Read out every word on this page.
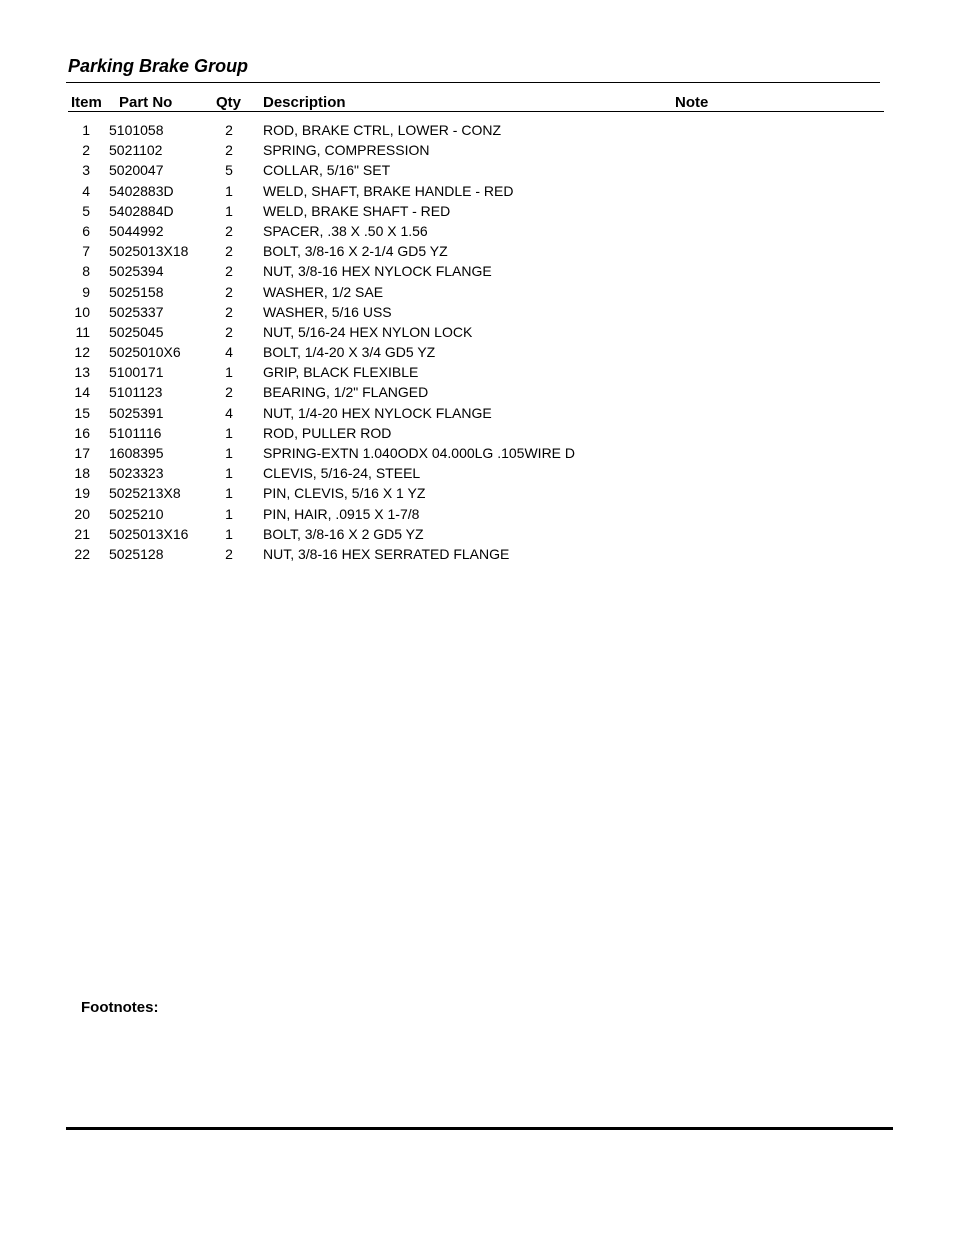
Parking Brake Group
Item Part No	Qty Description	Note
1 5101058	2	ROD, BRAKE CTRL, LOWER - CONZ
2 5021102	2	SPRING, COMPRESSION
3 5020047	5	COLLAR, 5/16" SET
4 5402883D	1	WELD, SHAFT, BRAKE HANDLE - RED
5 5402884D	1	WELD, BRAKE SHAFT - RED
6 5044992	2	SPACER, .38 X .50 X 1.56
7 5025013X18	2	BOLT, 3/8-16 X 2-1/4 GD5 YZ
8 5025394	2	NUT, 3/8-16 HEX NYLOCK FLANGE
9 5025158	2	WASHER, 1/2 SAE
10 5025337	2	WASHER, 5/16 USS
11 5025045	2	NUT, 5/16-24 HEX NYLON LOCK
12 5025010X6	4	BOLT, 1/4-20 X 3/4 GD5 YZ
13 5100171	1	GRIP, BLACK FLEXIBLE
14 5101123	2	BEARING, 1/2" FLANGED
15 5025391	4	NUT, 1/4-20 HEX NYLOCK FLANGE
16 5101116	1	ROD, PULLER ROD
17 1608395	1	SPRING-EXTN 1.040ODX 04.000LG .105WIRE D
18 5023323	1	CLEVIS, 5/16-24, STEEL
19 5025213X8	1	PIN, CLEVIS, 5/16 X 1 YZ
20 5025210	1	PIN, HAIR, .0915 X 1-7/8
21 5025013X16	1	BOLT, 3/8-16 X 2 GD5 YZ
22 5025128	2	NUT, 3/8-16 HEX SERRATED FLANGE
Footnotes:
